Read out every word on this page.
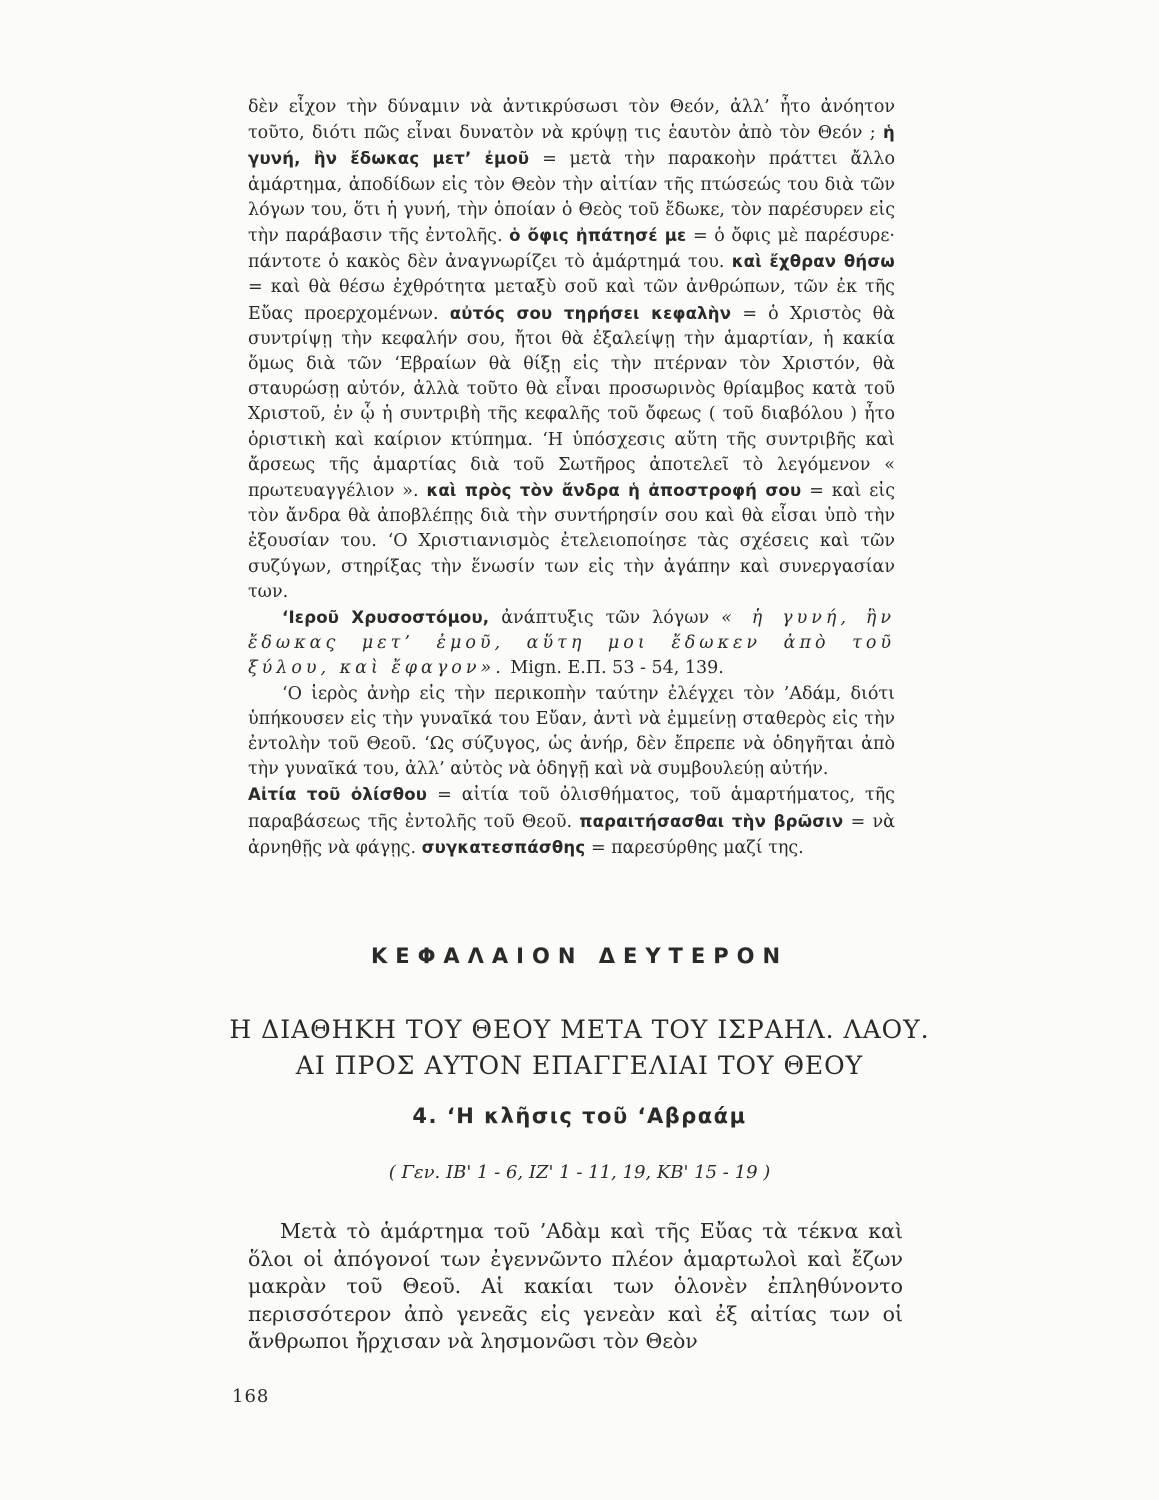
δὲν εἶχον τὴν δύναμιν νὰ ἀντικρύσωσι τὸν Θεόν, ἀλλ’ ἦτο ἀνόητον τοῦτο, διότι πῶς εἶναι δυνατὸν νὰ κρύψῃ τις ἑαυτὸν ἀπὸ τὸν Θεόν ; ἡ γυνή, ἣν ἔδωκας μετ’ ἐμοῦ = μετὰ τὴν παρακοὴν πράττει ἄλλο ἁμάρτημα, ἀποδίδων εἰς τὸν Θεὸν τὴν αἰτίαν τῆς πτώσεώς του διὰ τῶν λόγων του, ὅτι ἡ γυνή, τὴν ὁποίαν ὁ Θεὸς τοῦ ἔδωκε, τὸν παρέσυρεν εἰς τὴν παράβασιν τῆς ἐντολῆς. ὁ ὄφις ἠπάτησέ με = ὁ ὄφις μὲ παρέσυρε· πάντοτε ὁ κακὸς δὲν ἀναγνωρίζει τὸ ἁμάρτημά του. καὶ ἔχθραν θήσω = καὶ θὰ θέσω ἐχθρότητα μεταξὺ σοῦ καὶ τῶν ἀνθρώπων, τῶν ἐκ τῆς Εὔας προερχομένων. αὐτός σου τηρήσει κεφαλὴν = ὁ Χριστὸς θὰ συντρίψῃ τὴν κεφαλήν σου, ἤτοι θὰ ἐξαλείψῃ τὴν ἁμαρτίαν, ἡ κακία ὅμως διὰ τῶν ‘Εβραίων θὰ θίξῃ εἰς τὴν πτέρναν τὸν Χριστόν, θὰ σταυρώσῃ αὐτόν, ἀλλὰ τοῦτο θὰ εἶναι προσωρινὸς θρίαμβος κατὰ τοῦ Χριστοῦ, ἐν ᾧ ἡ συντριβὴ τῆς κεφαλῆς τοῦ ὄφεως ( τοῦ διαβόλου ) ἦτο ὁριστικὴ καὶ καίριον κτύπημα. ‘Η ὑπόσχεσις αὕτη τῆς συντριβῆς καὶ ἄρσεως τῆς ἁμαρτίας διὰ τοῦ Σωτῆρος ἀποτελεῖ τὸ λεγόμενον « πρωτευαγγέλιον ». καὶ πρὸς τὸν ἄνδρα ἡ ἀποστροφή σου = καὶ εἰς τὸν ἄνδρα θὰ ἀποβλέπῃς διὰ τὴν συντήρησίν σου καὶ θὰ εἶσαι ὑπὸ τὴν ἐξουσίαν του. ‘Ο Χριστιανισμὸς ἐτελειοποίησε τὰς σχέσεις καὶ τῶν συζύγων, στηρίξας τὴν ἕνωσίν των εἰς τὴν ἀγάπην καὶ συνεργασίαν των.

‘Ιεροῦ Χρυσοστόμου, ἀνάπτυξις τῶν λόγων « ἡ γυνή, ἣν ἔδωκας μετ’ ἐμοῦ, αὕτη μοι ἔδωκεν ἀπὸ τοῦ ξύλου, καὶ ἔφαγον». Mign. Ε.Π. 53 - 54, 139.

‘Ο ἱερὸς ἀνὴρ εἰς τὴν περικοπὴν ταύτην ἐλέγχει τὸν ’Αδάμ, διότι ὑπήκουσεν εἰς τὴν γυναῖκά του Εὔαν, ἀντὶ νὰ ἐμμείνῃ σταθερὸς εἰς τὴν ἐντολὴν τοῦ Θεοῦ. ‘Ως σύζυγος, ὡς ἀνήρ, δὲν ἔπρεπε νὰ ὁδηγῆται ἀπὸ τὴν γυναῖκά του, ἀλλ’ αὐτὸς νὰ ὁδηγῇ καὶ νὰ συμβουλεύῃ αὐτήν.

Αἰτία τοῦ ὀλίσθου = αἰτία τοῦ ὀλισθήματος, τοῦ ἁμαρτήματος, τῆς παραβάσεως τῆς ἐντολῆς τοῦ Θεοῦ. παραιτήσασθαι τὴν βρῶσιν = νὰ ἀρνηθῇς νὰ φάγῃς. συγκατεσπάσθης = παρεσύρθης μαζί της.

ΚΕΦΑΛΑΙΟΝ ΔΕΥΤΕΡΟΝ
Η ΔΙΑΘΗΚΗ ΤΟΥ ΘΕΟΥ ΜΕΤΑ ΤΟΥ ΙΣΡΑΗΛ. ΛΑΟΥ.
ΑΙ ΠΡΟΣ ΑΥΤΟΝ ΕΠΑΓΓΕΛΙΑΙ ΤΟΥ ΘΕΟΥ
4. ‘Η κλῆσις τοῦ ‘Αβραάμ
( Γεν. ΙΒ' 1 - 6, ΙΖ' 1 - 11, 19, ΚΒ' 15 - 19 )

Μετὰ τὸ ἁμάρτημα τοῦ ’Αδὰμ καὶ τῆς Εὔας τὰ τέκνα καὶ ὅλοι οἱ ἀπόγονοί των ἐγεννῶντο πλέον ἁμαρτωλοὶ καὶ ἔζων μακρὰν τοῦ Θεοῦ. Αἱ κακίαι των ὁλονὲν ἐπληθύνοντο περισσότερον ἀπὸ γενεᾶς εἰς γενεὰν καὶ ἐξ αἰτίας των οἱ ἄνθρωποι ἤρχισαν νὰ λησμονῶσι τὸν Θεὸν

168
